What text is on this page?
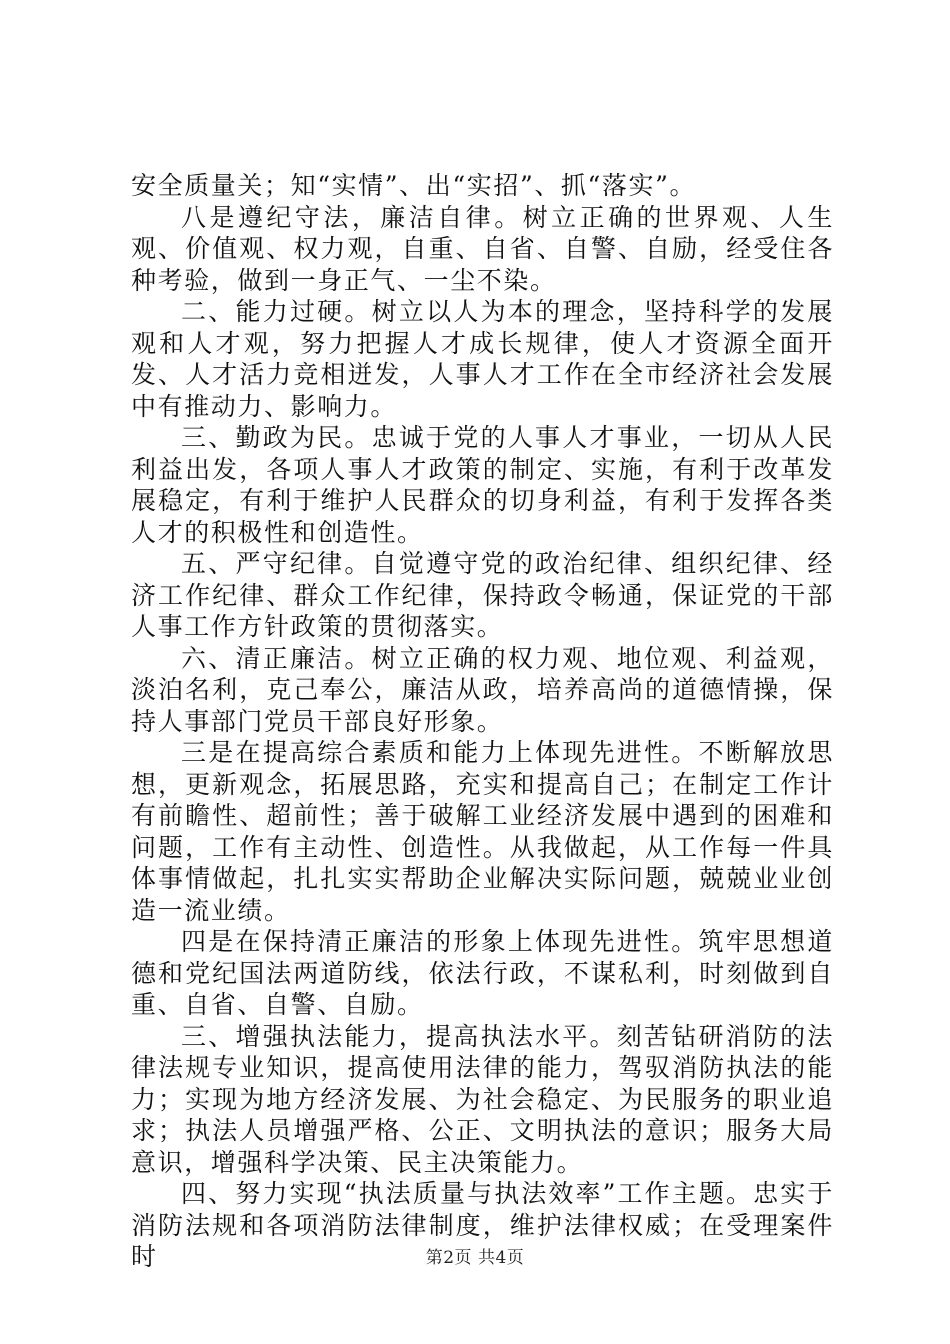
安全质量关；知“实情”、出“实招”、抓“落实”。

八是遵纪守法，廉洁自律。树立正确的世界观、人生观、价值观、权力观，自重、自省、自警、自励，经受住各种考验，做到一身正气、一尘不染。

二、能力过硬。树立以人为本的理念，坚持科学的发展观和人才观，努力把握人才成长规律，使人才资源全面开发、人才活力竞相迸发，人事人才工作在全市经济社会发展中有推动力、影响力。

三、勤政为民。忠诚于党的人事人才事业，一切从人民利益出发，各项人事人才政策的制定、实施，有利于改革发展稳定，有利于维护人民群众的切身利益，有利于发挥各类人才的积极性和创造性。

五、严守纪律。自觉遵守党的政治纪律、组织纪律、经济工作纪律、群众工作纪律，保持政令畅通，保证党的干部人事工作方针政策的贯彻落实。

六、清正廉洁。树立正确的权力观、地位观、利益观，淡泊名利，克己奉公，廉洁从政，培养高尚的道德情操，保持人事部门党员干部良好形象。

三是在提高综合素质和能力上体现先进性。不断解放思想，更新观念，拓展思路，充实和提高自己；在制定工作计有前瞻性、超前性；善于破解工业经济发展中遇到的困难和问题，工作有主动性、创造性。从我做起，从工作每一件具体事情做起，扎扎实实帮助企业解决实际问题，兢兢业业创造一流业绩。

四是在保持清正廉洁的形象上体现先进性。筑牢思想道德和党纪国法两道防线，依法行政，不谋私利，时刻做到自重、自省、自警、自励。

三、增强执法能力，提高执法水平。刻苦钻研消防的法律法规专业知识，提高使用法律的能力，驾驭消防执法的能力；实现为地方经济发展、为社会稳定、为民服务的职业追求；执法人员增强严格、公正、文明执法的意识；服务大局意识，增强科学决策、民主决策能力。

四、努力实现“执法质量与执法效率”工作主题。忠实于消防法规和各项消防法律制度，维护法律权威；在受理案件时	第2页 共4页
